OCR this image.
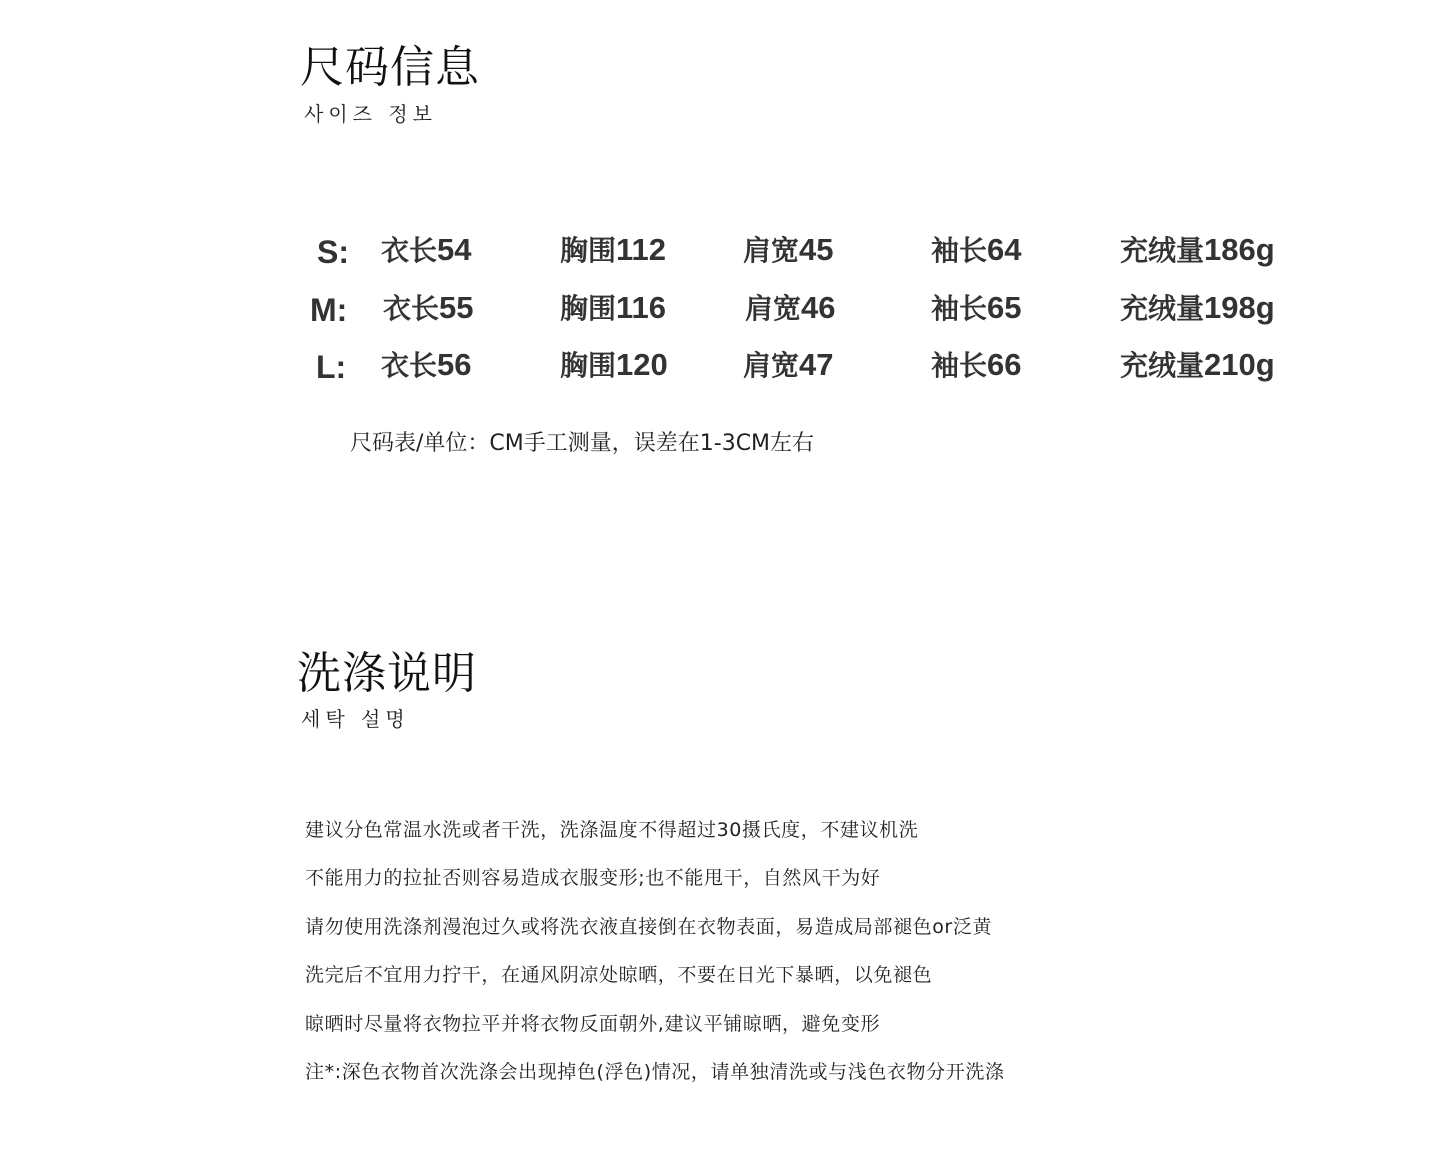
尺码信息
사이즈 정보
S: 衣长54	胸围112	肩宽45	袖长64	充绒量186g
M: 衣长55	胸围116	肩宽46	袖长65	充绒量198g
L: 衣长56	胸围120	肩宽47	袖长66	充绒量210g
尺码表/单位：CM手工测量，误差在1-3CM左右
洗涤说明
세탁 설명
建议分色常温水洗或者干洗，洗涤温度不得超过30摄氏度，不建议机洗
不能用力的拉扯否则容易造成衣服变形;也不能甩干，自然风干为好
请勿使用洗涤剂漫泡过久或将洗衣液直接倒在衣物表面，易造成局部褪色or泛黄
洗完后不宜用力拧干，在通风阴凉处晾晒，不要在日光下暴晒，以免褪色
晾晒时尽量将衣物拉平并将衣物反面朝外,建议平铺晾晒，避免变形
注*:深色衣物首次洗涤会出现掉色(浮色)情况，请单独清洗或与浅色衣物分开洗涤
